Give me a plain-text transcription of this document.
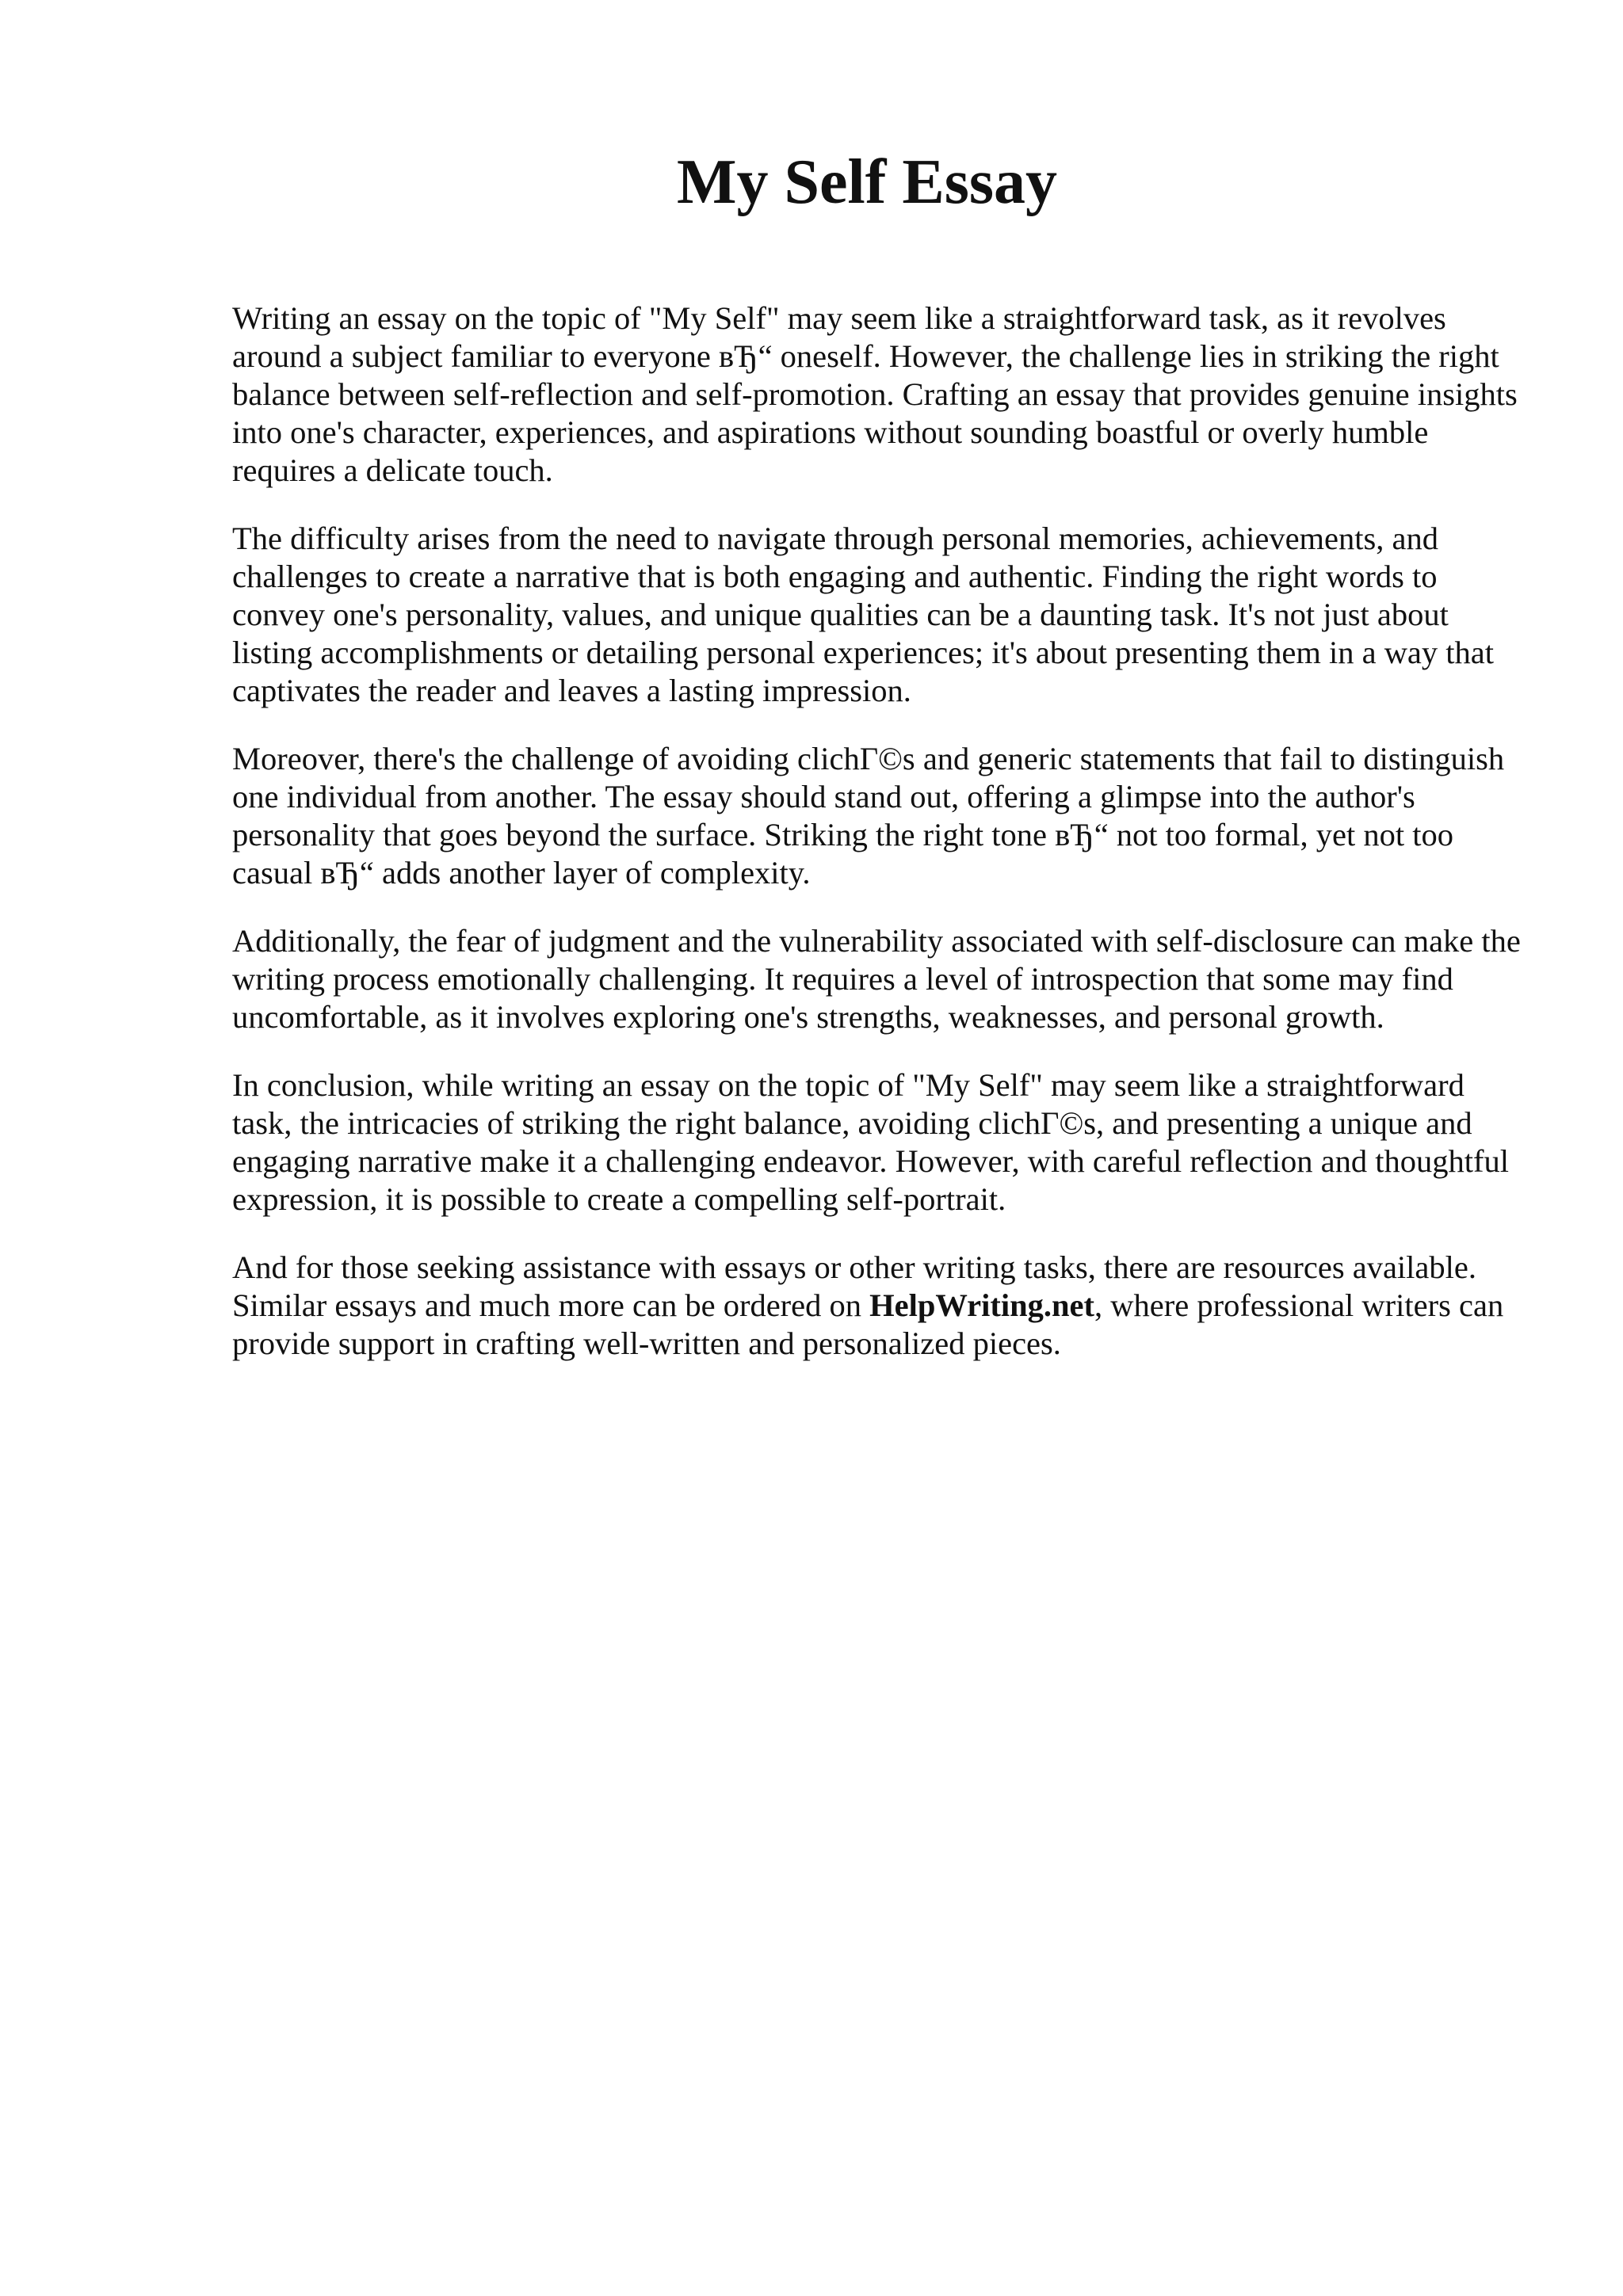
My Self Essay

Writing an essay on the topic of "My Self" may seem like a straightforward task, as it revolves around a subject familiar to everyone вЂ“ oneself. However, the challenge lies in striking the right balance between self-reflection and self-promotion. Crafting an essay that provides genuine insights into one's character, experiences, and aspirations without sounding boastful or overly humble requires a delicate touch.

The difficulty arises from the need to navigate through personal memories, achievements, and challenges to create a narrative that is both engaging and authentic. Finding the right words to convey one's personality, values, and unique qualities can be a daunting task. It's not just about listing accomplishments or detailing personal experiences; it's about presenting them in a way that captivates the reader and leaves a lasting impression.

Moreover, there's the challenge of avoiding clichГ©s and generic statements that fail to distinguish one individual from another. The essay should stand out, offering a glimpse into the author's personality that goes beyond the surface. Striking the right tone вЂ“ not too formal, yet not too casual вЂ“ adds another layer of complexity.

Additionally, the fear of judgment and the vulnerability associated with self-disclosure can make the writing process emotionally challenging. It requires a level of introspection that some may find uncomfortable, as it involves exploring one's strengths, weaknesses, and personal growth.

In conclusion, while writing an essay on the topic of "My Self" may seem like a straightforward task, the intricacies of striking the right balance, avoiding clichГ©s, and presenting a unique and engaging narrative make it a challenging endeavor. However, with careful reflection and thoughtful expression, it is possible to create a compelling self-portrait.

And for those seeking assistance with essays or other writing tasks, there are resources available. Similar essays and much more can be ordered on HelpWriting.net, where professional writers can provide support in crafting well-written and personalized pieces.
